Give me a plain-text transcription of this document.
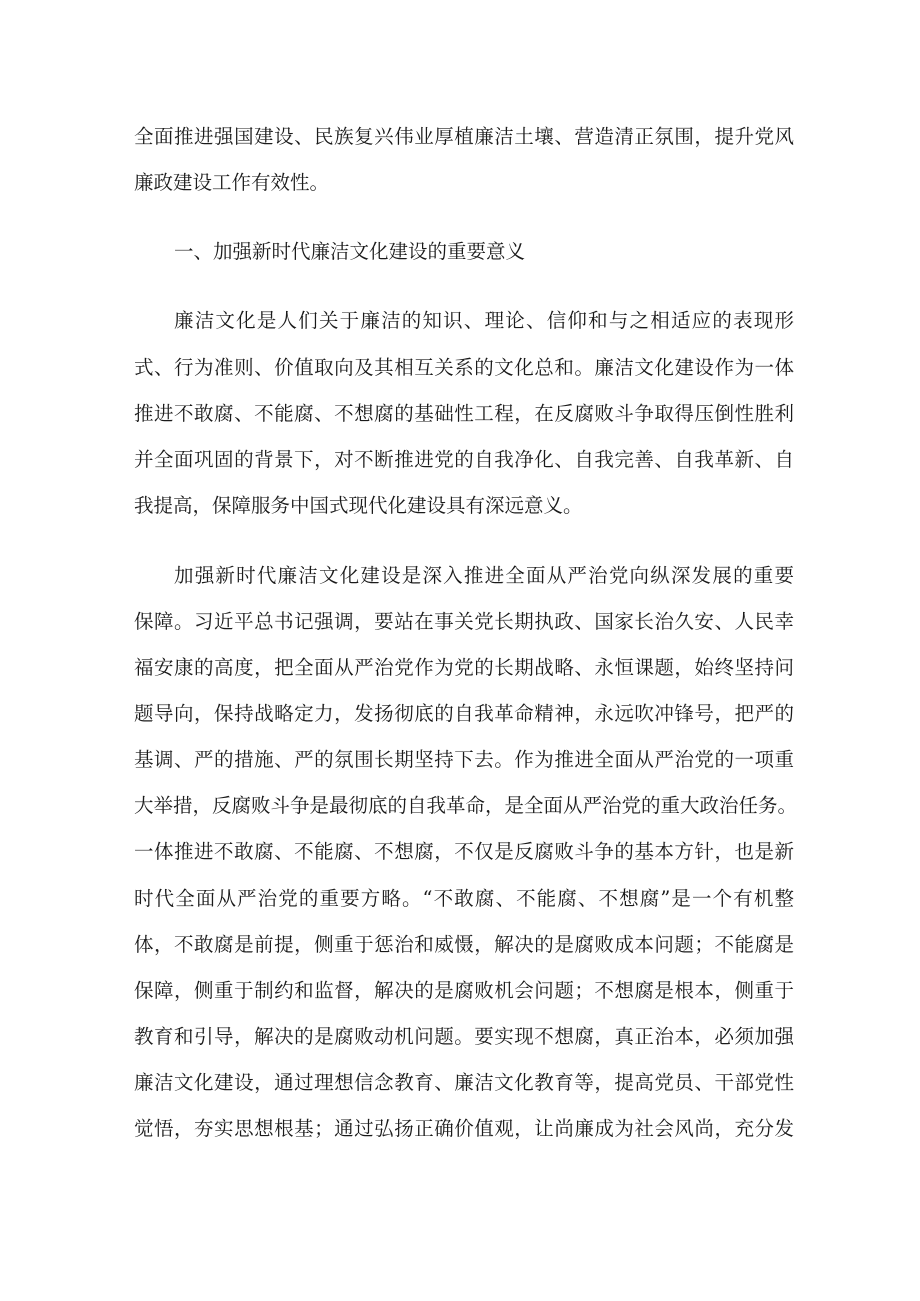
全面推进强国建设、民族复兴伟业厚植廉洁土壤、营造清正氛围，提升党风
廉政建设工作有效性。
一、加强新时代廉洁文化建设的重要意义
廉洁文化是人们关于廉洁的知识、理论、信仰和与之相适应的表现形
式、行为准则、价值取向及其相互关系的文化总和。廉洁文化建设作为一体
推进不敢腐、不能腐、不想腐的基础性工程，在反腐败斗争取得压倒性胜利
并全面巩固的背景下，对不断推进党的自我净化、自我完善、自我革新、自
我提高，保障服务中国式现代化建设具有深远意义。
加强新时代廉洁文化建设是深入推进全面从严治党向纵深发展的重要
保障。习近平总书记强调，要站在事关党长期执政、国家长治久安、人民幸
福安康的高度，把全面从严治党作为党的长期战略、永恒课题，始终坚持问
题导向，保持战略定力，发扬彻底的自我革命精神，永远吹冲锋号，把严的
基调、严的措施、严的氛围长期坚持下去。作为推进全面从严治党的一项重
大举措，反腐败斗争是最彻底的自我革命，是全面从严治党的重大政治任务。
一体推进不敢腐、不能腐、不想腐，不仅是反腐败斗争的基本方针，也是新
时代全面从严治党的重要方略。“不敢腐、不能腐、不想腐”是一个有机整
体，不敢腐是前提，侧重于惩治和威慑，解决的是腐败成本问题；不能腐是
保障，侧重于制约和监督，解决的是腐败机会问题；不想腐是根本，侧重于
教育和引导，解决的是腐败动机问题。要实现不想腐，真正治本，必须加强
廉洁文化建设，通过理想信念教育、廉洁文化教育等，提高党员、干部党性
觉悟，夯实思想根基；通过弘扬正确价值观，让尚廉成为社会风尚，充分发
